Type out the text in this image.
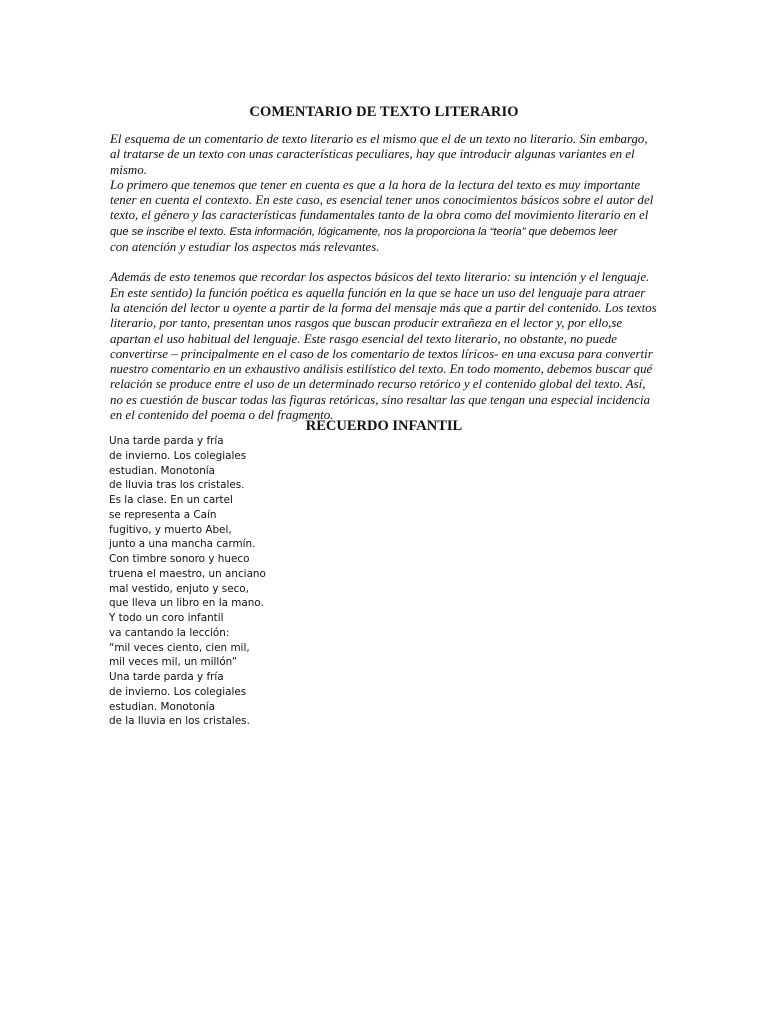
COMENTARIO DE TEXTO LITERARIO

El esquema de un comentario de texto literario es el mismo que el de un texto no literario. Sin embargo,
al tratarse de un texto con unas características peculiares, hay que introducir algunas variantes en el
mismo.

Lo primero que tenemos que tener en cuenta es que a la hora de la lectura del texto es muy importante
tener en cuenta el contexto. En este caso, es esencial tener unos conocimientos básicos sobre el autor del
texto, el género y las características fundamentales tanto de la obra como del movimiento literario en el
que se inscribe el texto. Esta información, lógicamente, nos la proporciona la “teoría” que debemos leer
con atención y estudiar los aspectos más relevantes.

Además de esto tenemos que recordar los aspectos básicos del texto literario: su intención y el lenguaje.
En este sentido) la función poética es aquella función en la que se hace un uso del lenguaje para atraer
la atención del lector u oyente a partir de la forma del mensaje más que a partir del contenido. Los textos
literario, por tanto, presentan unos rasgos que buscan producir extrañeza en el lector y, por ello,se
apartan el uso habitual del lenguaje. Este rasgo esencial del texto literario, no obstante, no puede
convertirse – principalmente en el caso de los comentario de textos líricos- en una excusa para convertir
nuestro comentario en un exhaustivo análisis estilístico del texto. En todo momento, debemos buscar qué
relación se produce entre el uso de un determinado recurso retórico y el contenido global del texto. Así,
no es cuestión de buscar todas las figuras retóricas, sino resaltar las que tengan una especial incidencia
en el contenido del poema o del fragmento.

RECUERDO INFANTIL
Una tarde parda y fría
de invierno. Los colegiales
estudian. Monotonía
de lluvia tras los cristales.
Es la clase. En un cartel
se representa a Caín
fugitivo, y muerto Abel,
junto a una mancha carmín.
Con timbre sonoro y hueco
truena el maestro, un anciano
mal vestido, enjuto y seco,
que lleva un libro en la mano.
Y todo un coro infantil
va cantando la lección:
“mil veces ciento, cien mil,
mil veces mil, un millón”
Una tarde parda y fría
de invierno. Los colegiales
estudian. Monotonía
de la lluvia en los cristales.
